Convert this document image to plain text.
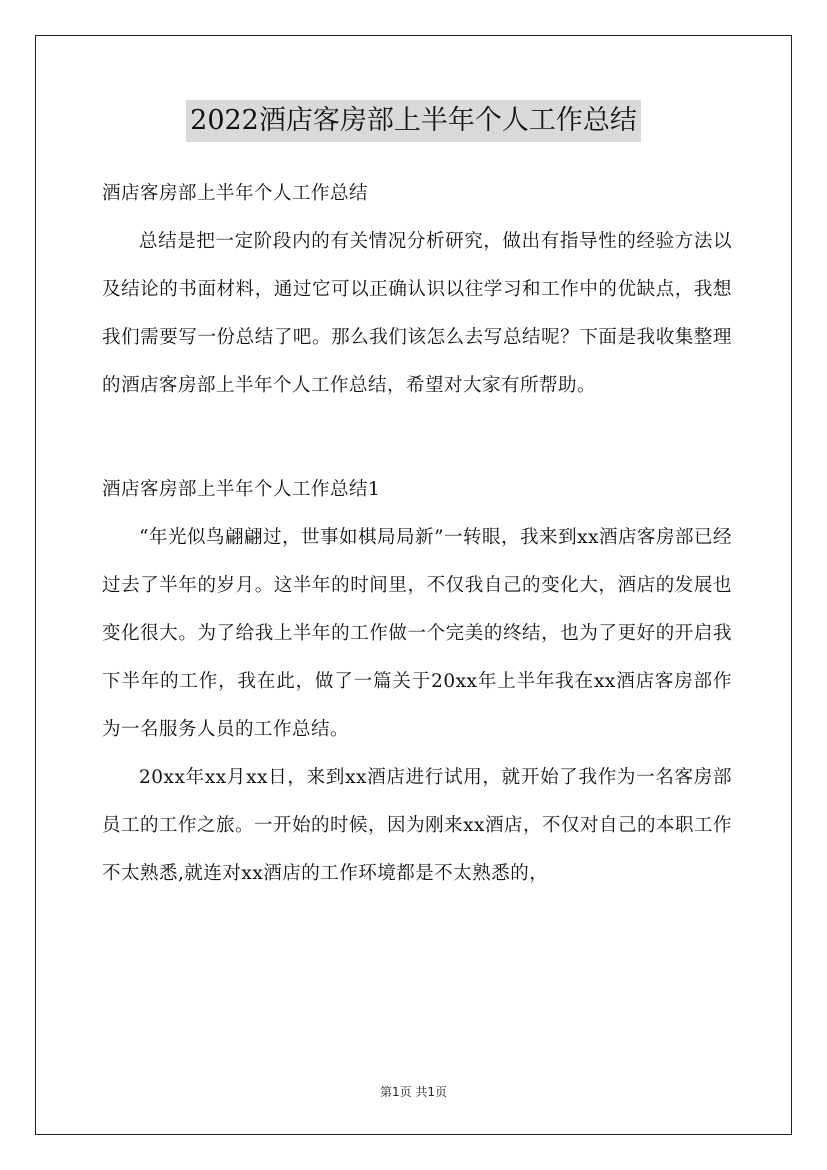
2022酒店客房部上半年个人工作总结

酒店客房部上半年个人工作总结

总结是把一定阶段内的有关情况分析研究，做出有指导性的经验方法以及结论的书面材料，通过它可以正确认识以往学习和工作中的优缺点，我想我们需要写一份总结了吧。那么我们该怎么去写总结呢？下面是我收集整理的酒店客房部上半年个人工作总结，希望对大家有所帮助。

酒店客房部上半年个人工作总结1

“年光似鸟翩翩过，世事如棋局局新”一转眼，我来到xx酒店客房部已经过去了半年的岁月。这半年的时间里，不仅我自己的变化大，酒店的发展也变化很大。为了给我上半年的工作做一个完美的终结，也为了更好的开启我下半年的工作，我在此，做了一篇关于20xx年上半年我在xx酒店客房部作为一名服务人员的工作总结。

20xx年xx月xx日，来到xx酒店进行试用，就开始了我作为一名客房部员工的工作之旅。一开始的时候，因为刚来xx酒店，不仅对自己的本职工作不太熟悉,就连对xx酒店的工作环境都是不太熟悉的，

第1页 共1页
